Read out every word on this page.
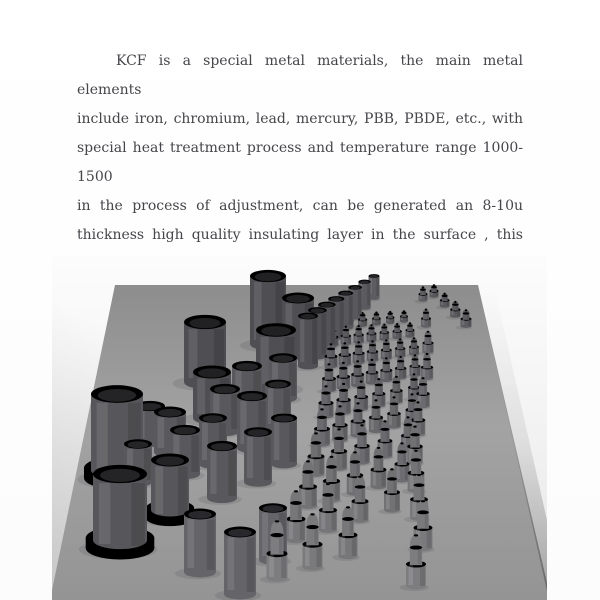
KCF is a special metal materials, the main metal elements
include iron, chromium, lead, mercury, PBB, PBDE, etc., with
special heat treatment process and temperature range 1000-1500
in the process of adjustment, can be generated an 8-10u
thickness high quality insulating layer in the surface , this
